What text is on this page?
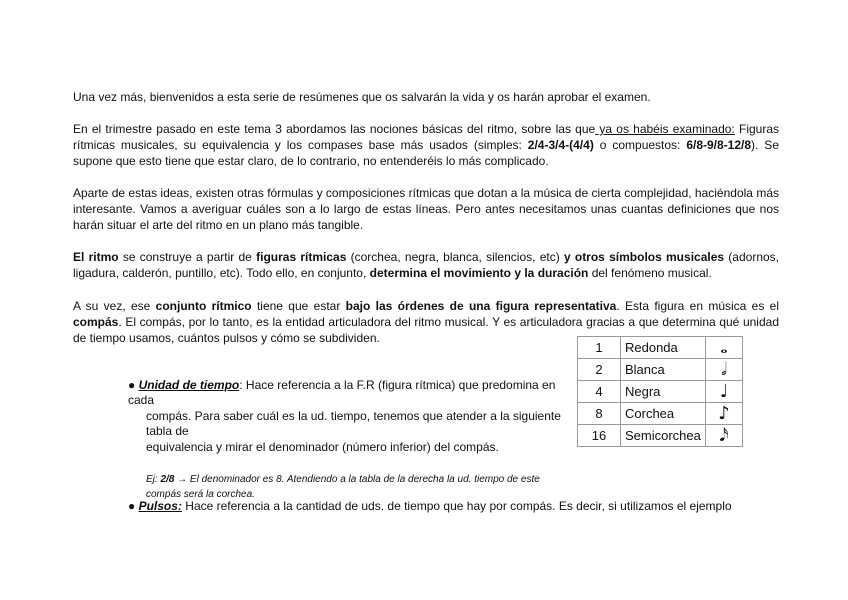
Una vez más, bienvenidos a esta serie de resúmenes que os salvarán la vida y os harán aprobar el examen.
En el trimestre pasado en este tema 3 abordamos las nociones básicas del ritmo, sobre las que ya os habéis examinado: Figuras rítmicas musicales, su equivalencia y los compases base más usados (simples: 2/4-3/4-(4/4) o compuestos: 6/8-9/8-12/8). Se supone que esto tiene que estar claro, de lo contrario, no entenderéis lo más complicado.
Aparte de estas ideas, existen otras fórmulas y composiciones rítmicas que dotan a la música de cierta complejidad, haciéndola más interesante. Vamos a averiguar cuáles son a lo largo de estas líneas. Pero antes necesitamos unas cuantas definiciones que nos harán situar el arte del ritmo en un plano más tangible.
El ritmo se construye a partir de figuras rítmicas (corchea, negra, blanca, silencios, etc) y otros símbolos musicales (adornos, ligadura, calderón, puntillo, etc). Todo ello, en conjunto, determina el movimiento y la duración del fenómeno musical.
A su vez, ese conjunto rítmico tiene que estar bajo las órdenes de una figura representativa. Esta figura en música es el compás. El compás, por lo tanto, es la entidad articuladora del ritmo musical. Y es articuladora gracias a que determina qué unidad de tiempo usamos, cuántos pulsos y cómo se subdividen.
● Unidad de tiempo: Hace referencia a la F.R (figura rítmica) que predomina en cada
compás. Para saber cuál es la ud. tiempo, tenemos que atender a la siguiente tabla de
equivalencia y mirar el denominador (número inferior) del compás.
Ej: 2/8 → El denominador es 8. Atendiendo a la tabla de la derecha la ud. tiempo de este
compás será la corchea.
● Pulsos: Hace referencia a la cantidad de uds. de tiempo que hay por compás. Es decir, si utilizamos el ejemplo
1	Redonda	𝅝
2	Blanca	𝅗𝅥
4	Negra	♩
8	Corchea	♪
16	Semicorchea	𝅘𝅥𝅯
